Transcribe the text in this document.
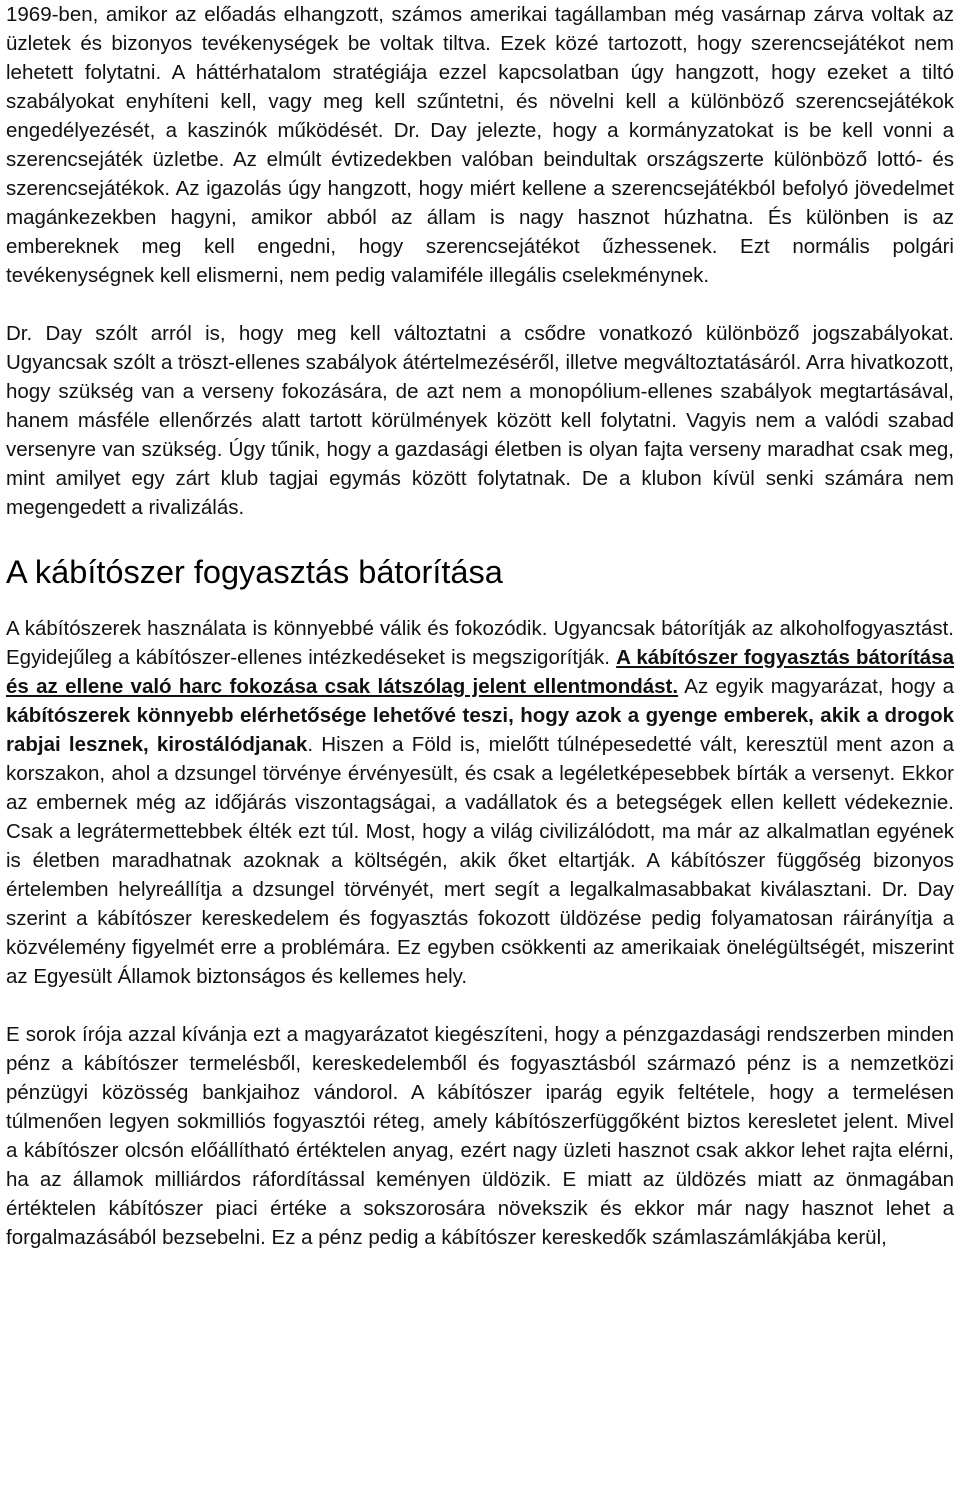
1969-ben, amikor az előadás elhangzott, számos amerikai tagállamban még vasárnap zárva voltak az üzletek és bizonyos tevékenységek be voltak tiltva. Ezek közé tartozott, hogy szerencsejátékot nem lehetett folytatni. A háttérhatalom stratégiája ezzel kapcsolatban úgy hangzott, hogy ezeket a tiltó szabályokat enyhíteni kell, vagy meg kell szűntetni, és növelni kell a különböző szerencsejátékok engedélyezését, a kaszinók működését. Dr. Day jelezte, hogy a kormányzatokat is be kell vonni a szerencsejáték üzletbe. Az elmúlt évtizedekben valóban beindultak országszerte különböző lottó- és szerencsejátékok. Az igazolás úgy hangzott, hogy miért kellene a szerencsejátékból befolyó jövedelmet magánkezekben hagyni, amikor abból az állam is nagy hasznot húzhatna. És különben is az embereknek meg kell engedni, hogy szerencsejátékot űzhessenek. Ezt normális polgári tevékenységnek kell elismerni, nem pedig valamiféle illegális cselekménynek.

Dr. Day szólt arról is, hogy meg kell változtatni a csődre vonatkozó különböző jogszabályokat. Ugyancsak szólt a tröszt-ellenes szabályok átértelmezéséről, illetve megváltoztatásáról. Arra hivatkozott, hogy szükség van a verseny fokozására, de azt nem a monopólium-ellenes szabályok megtartásával, hanem másféle ellenőrzés alatt tartott körülmények között kell folytatni. Vagyis nem a valódi szabad versenyre van szükség. Úgy tűnik, hogy a gazdasági életben is olyan fajta verseny maradhat csak meg, mint amilyet egy zárt klub tagjai egymás között folytatnak. De a klubon kívül senki számára nem megengedett a rivalizálás.

A kábítószer fogyasztás bátorítása

A kábítószerek használata is könnyebbé válik és fokozódik. Ugyancsak bátorítják az alkoholfogyasztást. Egyidejűleg a kábítószer-ellenes intézkedéseket is megszigorítják. A kábítószer fogyasztás bátorítása és az ellene való harc fokozása csak látszólag jelent ellentmondást. Az egyik magyarázat, hogy a kábítószerek könnyebb elérhetősége lehetővé teszi, hogy azok a gyenge emberek, akik a drogok rabjai lesznek, kirostálódjanak. Hiszen a Föld is, mielőtt túlnépesedetté vált, keresztül ment azon a korszakon, ahol a dzsungel törvénye érvényesült, és csak a legéletképesebbek bírták a versenyt. Ekkor az embernek még az időjárás viszontagságai, a vadállatok és a betegségek ellen kellett védekeznie. Csak a legrátermettebbek élték ezt túl. Most, hogy a világ civilizálódott, ma már az alkalmatlan egyének is életben maradhatnak azoknak a költségén, akik őket eltartják. A kábítószer függőség bizonyos értelemben helyreállítja a dzsungel törvényét, mert segít a legalkalmasabbakat kiválasztani. Dr. Day szerint a kábítószer kereskedelem és fogyasztás fokozott üldözése pedig folyamatosan ráirányítja a közvélemény figyelmét erre a problémára. Ez egyben csökkenti az amerikaiak önelégültségét, miszerint az Egyesült Államok biztonságos és kellemes hely.

E sorok írója azzal kívánja ezt a magyarázatot kiegészíteni, hogy a pénzgazdasági rendszerben minden pénz a kábítószer termelésből, kereskedelemből és fogyasztásból származó pénz is a nemzetközi pénzügyi közösség bankjaihoz vándorol. A kábítószer iparág egyik feltétele, hogy a termelésen túlmenően legyen sokmilliós fogyasztói réteg, amely kábítószerfüggőként biztos keresletet jelent. Mivel a kábítószer olcsón előállítható értéktelen anyag, ezért nagy üzleti hasznot csak akkor lehet rajta elérni, ha az államok milliárdos ráfordítással keményen üldözik. E miatt az üldözés miatt az önmagában értéktelen kábítószer piaci értéke a sokszorosára növekszik és ekkor már nagy hasznot lehet a forgalmazásából bezsebelni. Ez a pénz pedig a kábítószer kereskedők számlaszámlákjába kerül,
